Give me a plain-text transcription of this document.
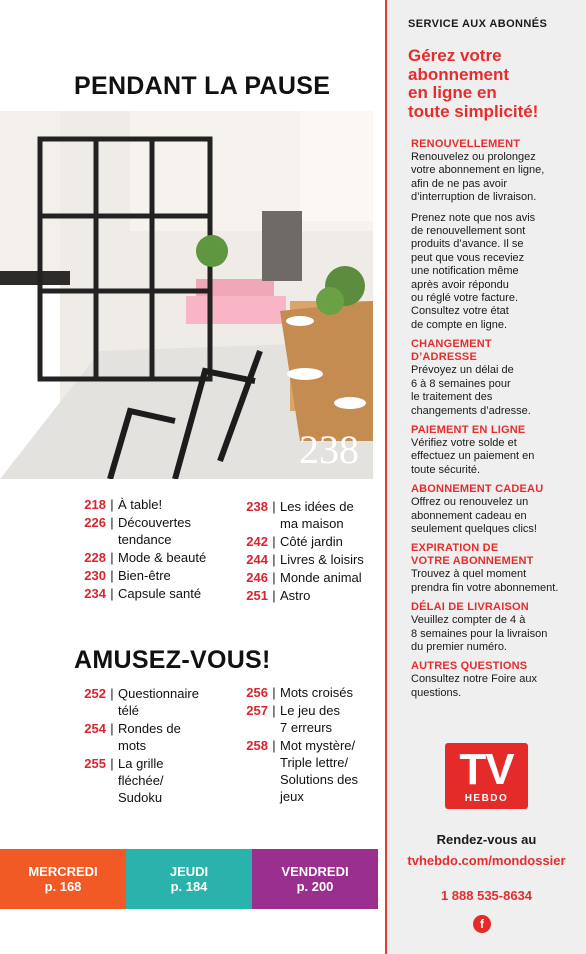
PENDANT LA PAUSE
238
218 | À table!
226 | Découvertes
tendance
228 | Mode & beauté
230 | Bien-être
234 | Capsule santé
238 | Les idées de
ma maison
242 | Côté jardin
244 | Livres & loisirs
246 | Monde animal
251 | Astro
AMUSEZ-VOUS!
252 | Questionnaire
télé
254 | Rondes de
mots
255 | La grille
fléchée/
Sudoku
256 | Mots croisés
257 | Le jeu des
7 erreurs
258 | Mot mystère/
Triple lettre/
Solutions des
jeux
MERCREDI
p. 168
JEUDI
p. 184
VENDREDI
p. 200
SERVICE AUX ABONNÉS
Gérez votre
abonnement
en ligne en
toute simplicité!
RENOUVELLEMENT

Renouvelez ou prolongez
votre abonnement en ligne,
afin de ne pas avoir
d’interruption de livraison.

Prenez note que nos avis
de renouvellement sont
produits d’avance. Il se
peut que vous receviez
une notification même
après avoir répondu
ou réglé votre facture.
Consultez votre état
de compte en ligne.

CHANGEMENT
D’ADRESSE

Prévoyez un délai de
6 à 8 semaines pour
le traitement des
changements d’adresse.

PAIEMENT EN LIGNE

Vérifiez votre solde et
effectuez un paiement en
toute sécurité.

ABONNEMENT CADEAU

Offrez ou renouvelez un
abonnement cadeau en
seulement quelques clics!

EXPIRATION DE
VOTRE ABONNEMENT

Trouvez à quel moment
prendra fin votre abonnement.

DÉLAI DE LIVRAISON

Veuillez compter de 4 à
8 semaines pour la livraison
du premier numéro.

AUTRES QUESTIONS

Consultez notre Foire aux
questions.

TV
HEBDO
Rendez-vous au
tvhebdo.com/mondossier
1 888 535-8634
f
